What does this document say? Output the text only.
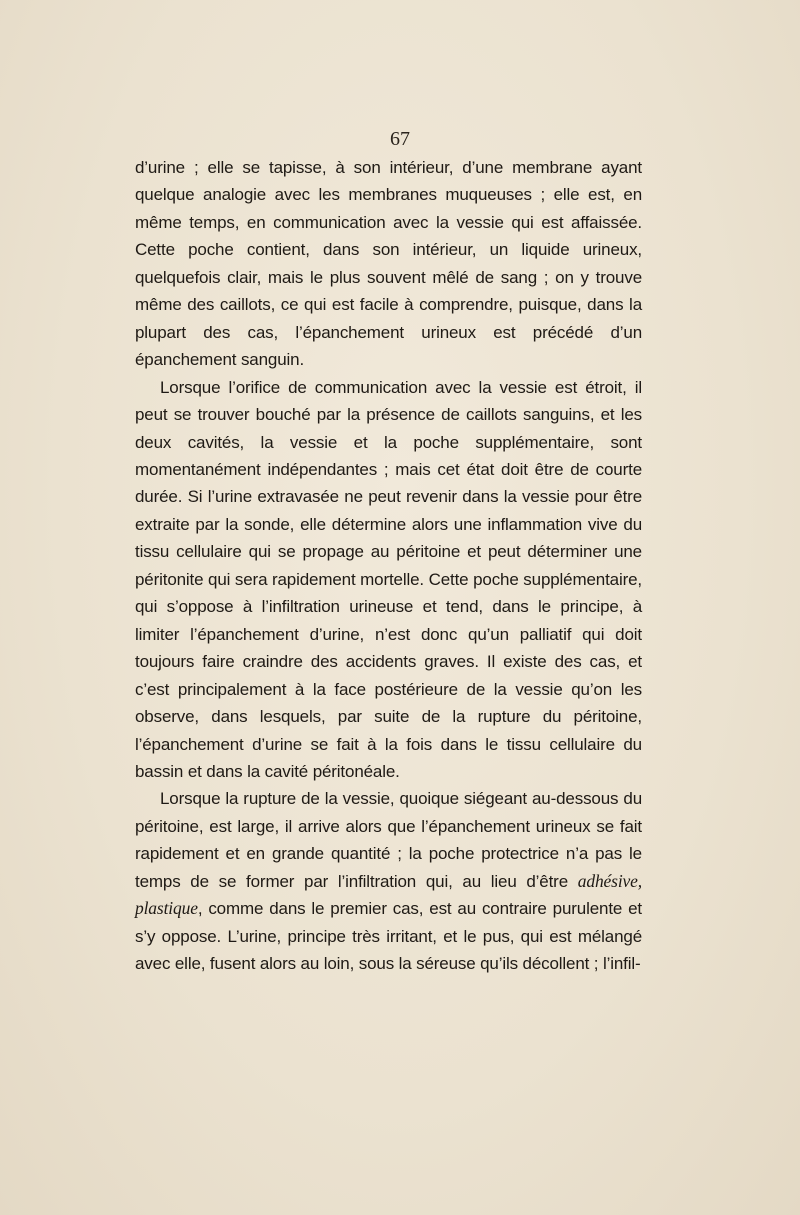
67

d’urine ; elle se tapisse, à son intérieur, d’une membrane ayant quelque analogie avec les membranes muqueuses ; elle est, en même temps, en communication avec la vessie qui est affaissée. Cette poche contient, dans son intérieur, un liquide urineux, quelquefois clair, mais le plus souvent mêlé de sang ; on y trouve même des caillots, ce qui est facile à comprendre, puisque, dans la plupart des cas, l’épanchement urineux est précédé d’un épanchement sanguin.

Lorsque l’orifice de communication avec la vessie est étroit, il peut se trouver bouché par la présence de caillots sanguins, et les deux cavités, la vessie et la poche supplémentaire, sont momentanément indépendantes ; mais cet état doit être de courte durée. Si l’urine extravasée ne peut revenir dans la vessie pour être extraite par la sonde, elle détermine alors une inflammation vive du tissu cellulaire qui se propage au péritoine et peut déterminer une péritonite qui sera rapidement mortelle. Cette poche supplémentaire, qui s’oppose à l’infiltration urineuse et tend, dans le principe, à limiter l’épanchement d’urine, n’est donc qu’un palliatif qui doit toujours faire craindre des accidents graves. Il existe des cas, et c’est principalement à la face postérieure de la vessie qu’on les observe, dans lesquels, par suite de la rupture du péritoine, l’épanchement d’urine se fait à la fois dans le tissu cellulaire du bassin et dans la cavité péritonéale.

Lorsque la rupture de la vessie, quoique siégeant au-dessous du péritoine, est large, il arrive alors que l’épanchement urineux se fait rapidement et en grande quantité ; la poche protectrice n’a pas le temps de se former par l’infiltration qui, au lieu d’être adhésive, plastique, comme dans le premier cas, est au contraire purulente et s’y oppose. L’urine, principe très irritant, et le pus, qui est mélangé avec elle, fusent alors au loin, sous la séreuse qu’ils décollent ; l’infil-
